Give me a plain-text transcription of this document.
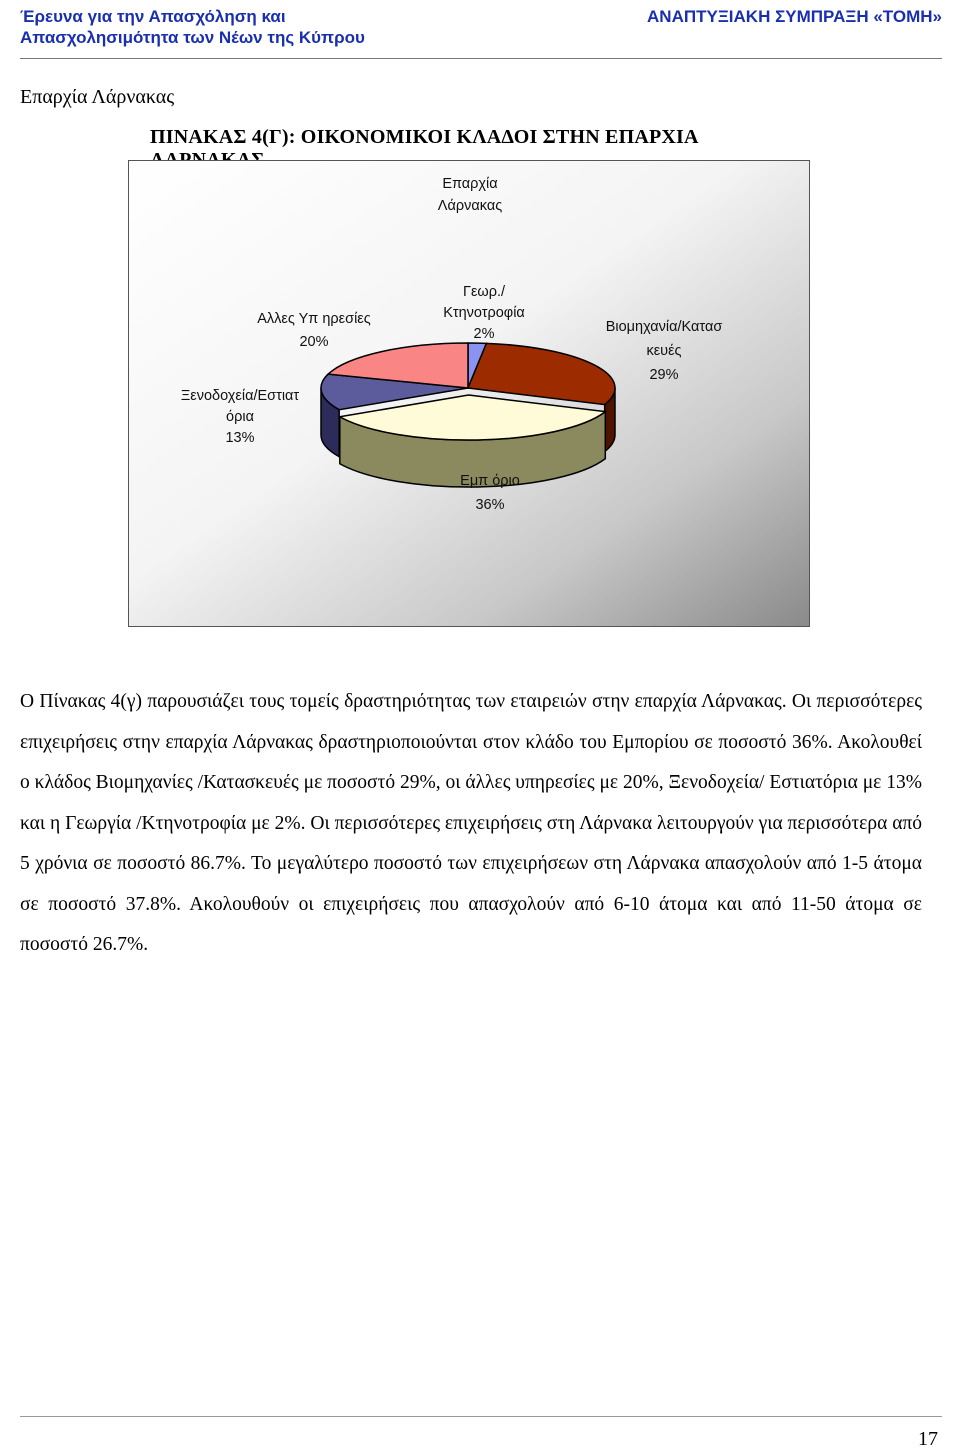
Έρευνα για την Απασχόληση και
Απασχολησιμότητα των Νέων της Κύπρου
ΑΝΑΠΤΥΞΙΑΚΗ ΣΥΜΠΡΑΞΗ «ΤΟΜΗ»
Επαρχία Λάρνακας
ΠΙΝΑΚΑΣ 4(Γ): ΟΙΚΟΝΟΜΙΚΟΙ ΚΛΑΔΟΙ ΣΤΗΝ ΕΠΑΡΧΙΑ
Γεωρ./ Κτηνοτροφία 2%	Βιομηχανία/Κατασ κευές 29%
Εμπ όριο 36%
Ξενοδοχεία/Εστιατ όρια 13%
Αλλες Υπ ηρεσίες 20%
Επαρχία Λάρνακας
Ο Πίνακας 4(γ) παρουσιάζει τους τομείς δραστηριότητας των εταιρειών στην επαρχία Λάρνακας. Οι περισσότερες επιχειρήσεις στην επαρχία Λάρνακας δραστηριοποιούνται στον κλάδο του Εμπορίου σε ποσοστό 36%. Ακολουθεί ο κλάδος Βιομηχανίες /Κατασκευές με ποσοστό 29%, οι άλλες υπηρεσίες με 20%, Ξενοδοχεία/ Εστιατόρια με 13% και η Γεωργία /Κτηνοτροφία με 2%. Οι περισσότερες επιχειρήσεις στη Λάρνακα λειτουργούν για περισσότερα από 5 χρόνια σε ποσοστό 86.7%. Το μεγαλύτερο ποσοστό των επιχειρήσεων στη Λάρνακα απασχολούν από 1-5 άτομα σε ποσοστό 37.8%. Ακολουθούν οι επιχειρήσεις που απασχολούν από 6-10 άτομα και από 11-50 άτομα σε ποσοστό 26.7%.
17
